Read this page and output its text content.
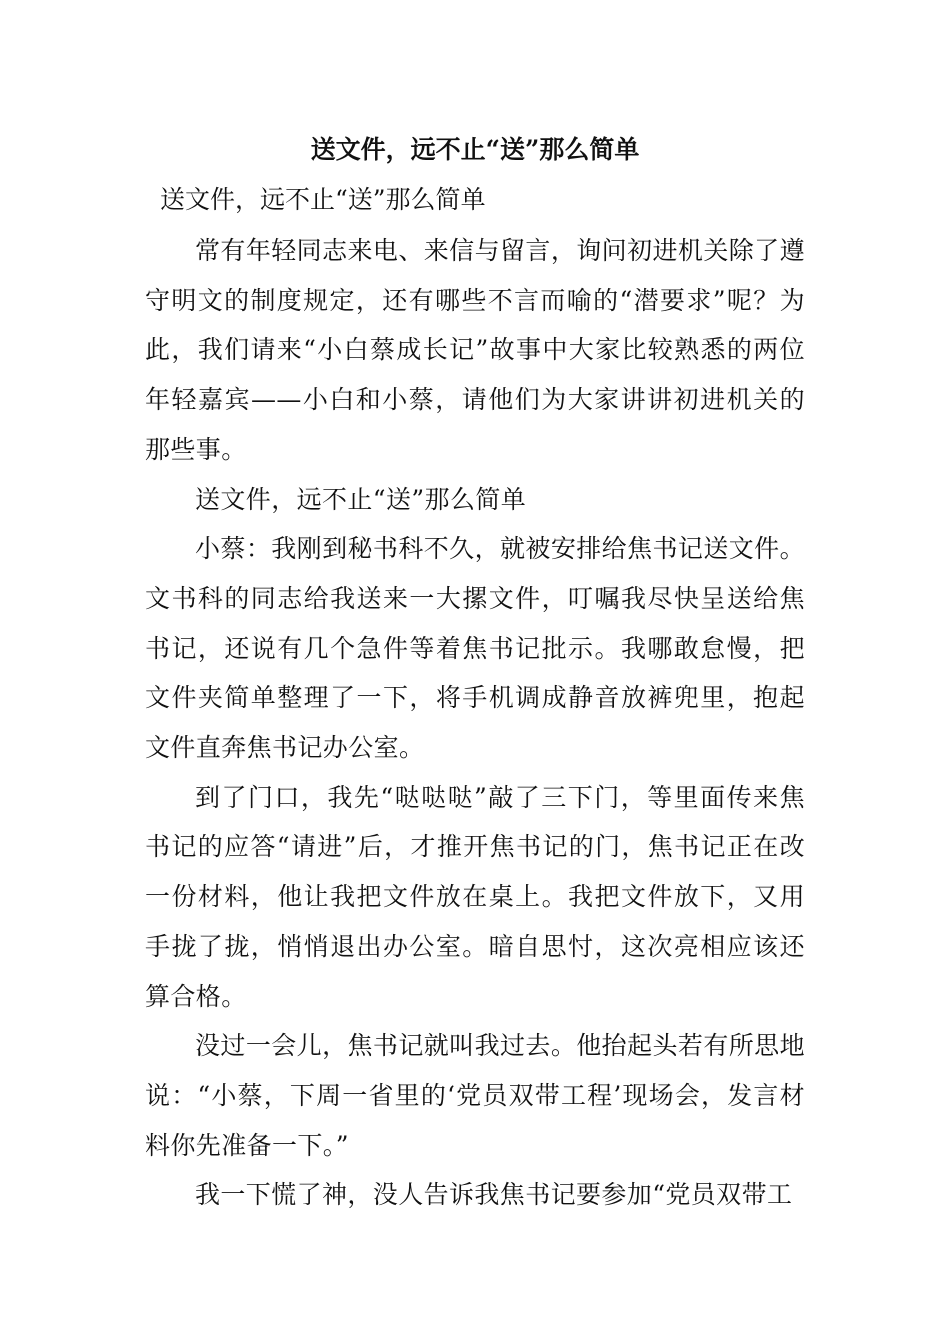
送文件，远不止“送”那么简单
送文件，远不止“送”那么简单

常有年轻同志来电、来信与留言，询问初进机关除了遵守明文的制度规定，还有哪些不言而喻的“潜要求”呢？为此，我们请来“小白蔡成长记”故事中大家比较熟悉的两位年轻嘉宾——小白和小蔡，请他们为大家讲讲初进机关的那些事。

送文件，远不止“送”那么简单

小蔡：我刚到秘书科不久，就被安排给焦书记送文件。文书科的同志给我送来一大摞文件，叮嘱我尽快呈送给焦书记，还说有几个急件等着焦书记批示。我哪敢怠慢，把文件夹简单整理了一下，将手机调成静音放裤兜里，抱起文件直奔焦书记办公室。

到了门口，我先“哒哒哒”敲了三下门，等里面传来焦书记的应答“请进”后，才推开焦书记的门，焦书记正在改一份材料，他让我把文件放在桌上。我把文件放下，又用手拢了拢，悄悄退出办公室。暗自思忖，这次亮相应该还算合格。

没过一会儿，焦书记就叫我过去。他抬起头若有所思地说：“小蔡，下周一省里的‘党员双带工程’现场会，发言材料你先准备一下。”

我一下慌了神，没人告诉我焦书记要参加“党员双带工
